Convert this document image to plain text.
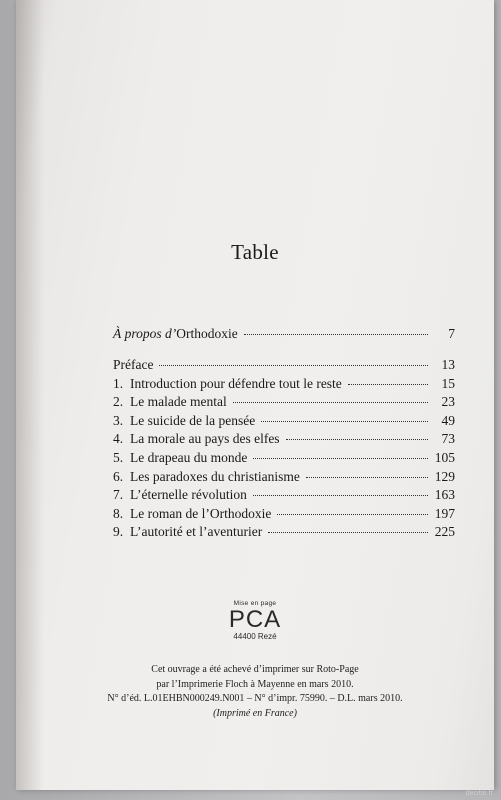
Table
À propos d’Orthodoxie	7
Préface	13
1. Introduction pour défendre tout le reste	15
2. Le malade mental	23
3. Le suicide de la pensée	49
4. La morale au pays des elfes	73
5. Le drapeau du monde	105
6. Les paradoxes du christianisme	129
7. L’éternelle révolution	163
8. Le roman de l’Orthodoxie	197
9. L’autorité et l’aventurier	225
Mise en page
PCA
44400 Rezé
Cet ouvrage a été achevé d’imprimer sur Roto-Page
par l’Imprimerie Floch à Mayenne en mars 2010.
N° d’éd. L.01EHBN000249.N001 – N° d’impr. 75990. – D.L. mars 2010.
(Imprimé en France)
decitre.fr
